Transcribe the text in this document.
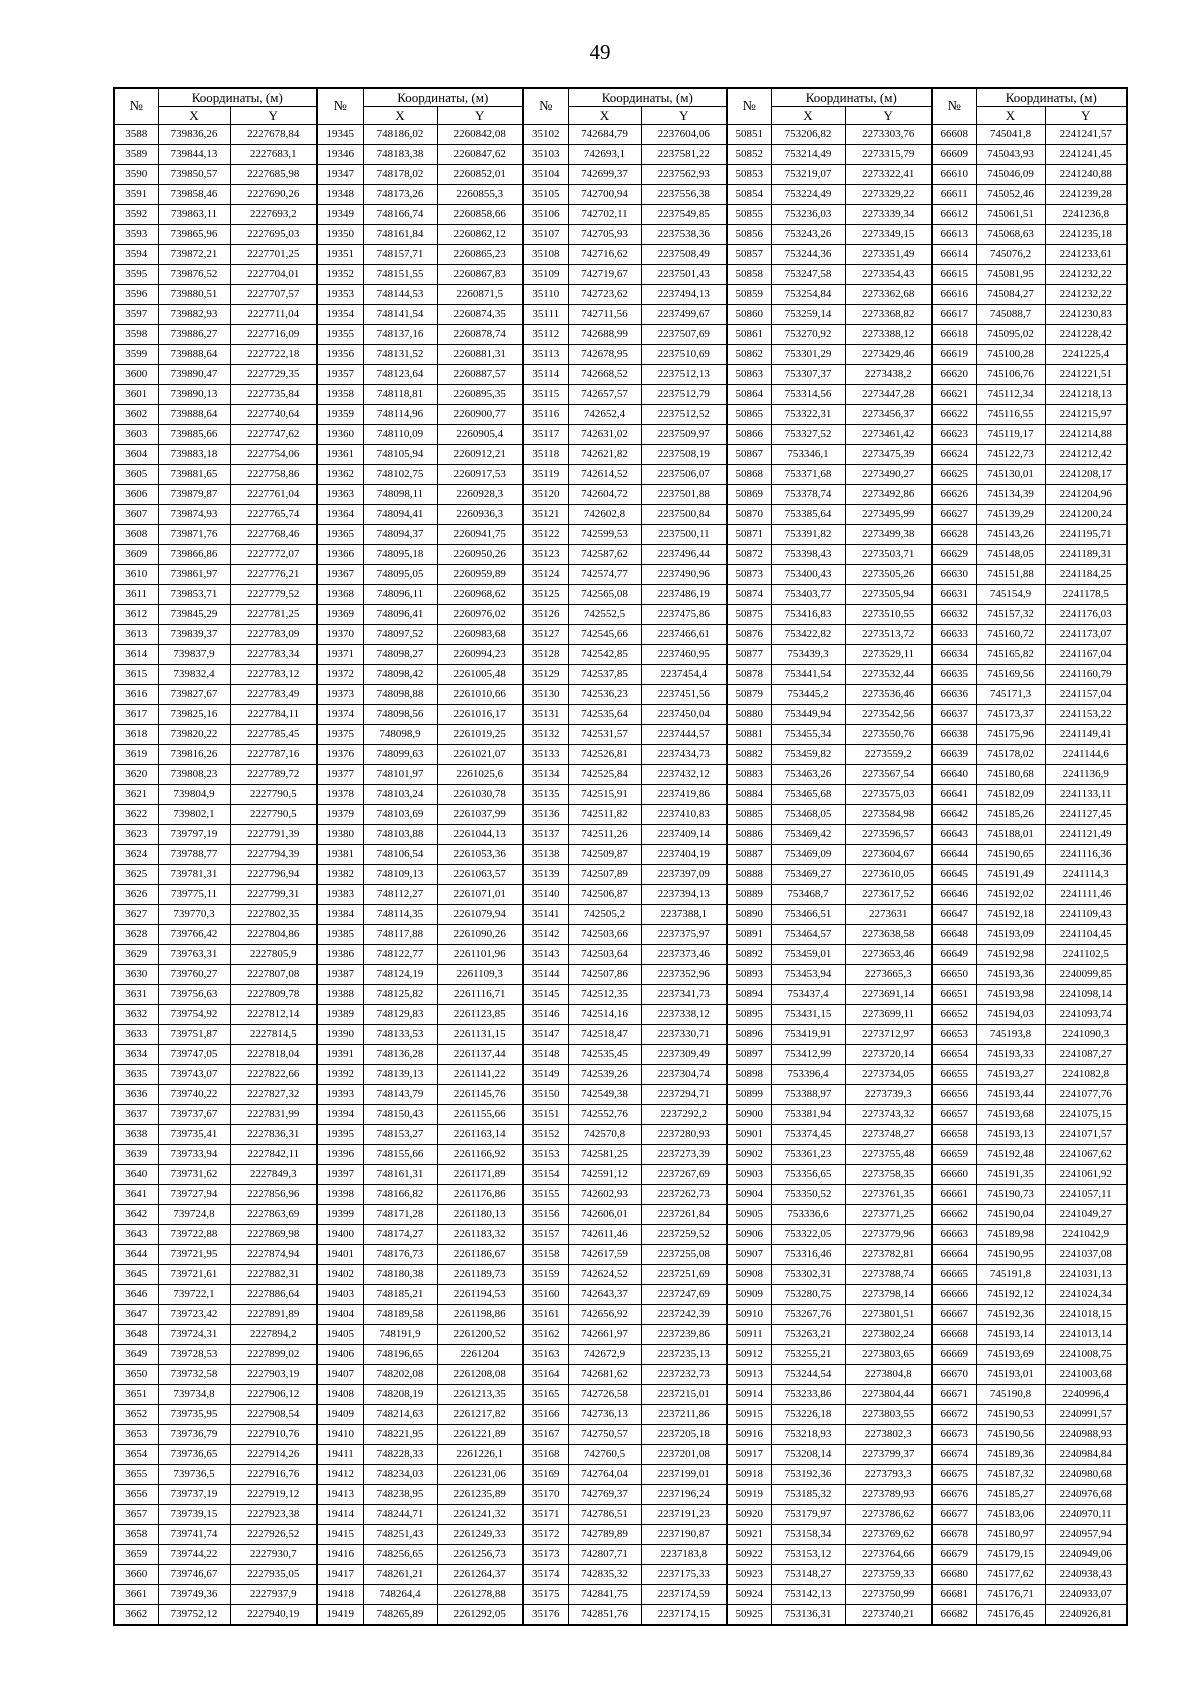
49
№	Координаты, (м)		№	Координаты, (м)		№	Координаты, (м)		№	Координаты, (м)		№	Координаты, (м)	
	X	Y		X	Y		X	Y		X	Y		X	Y
3588	739836,26	2227678,84	19345	748186,02	2260842,08	35102	742684,79	2237604,06	50851	753206,82	2273303,76	66608	745041,8	2241241,57
3589	739844,13	2227683,1	19346	748183,38	2260847,62	35103	742693,1	2237581,22	50852	753214,49	2273315,79	66609	745043,93	2241241,45
3590	739850,57	2227685,98	19347	748178,02	2260852,01	35104	742699,37	2237562,93	50853	753219,07	2273322,41	66610	745046,09	2241240,88
3591	739858,46	2227690,26	19348	748173,26	2260855,3	35105	742700,94	2237556,38	50854	753224,49	2273329,22	66611	745052,46	2241239,28
3592	739863,11	2227693,2	19349	748166,74	2260858,66	35106	742702,11	2237549,85	50855	753236,03	2273339,34	66612	745061,51	2241236,8
3593	739865,96	2227695,03	19350	748161,84	2260862,12	35107	742705,93	2237538,36	50856	753243,26	2273349,15	66613	745068,63	2241235,18
3594	739872,21	2227701,25	19351	748157,71	2260865,23	35108	742716,62	2237508,49	50857	753244,36	2273351,49	66614	745076,2	2241233,61
3595	739876,52	2227704,01	19352	748151,55	2260867,83	35109	742719,67	2237501,43	50858	753247,58	2273354,43	66615	745081,95	2241232,22
3596	739880,51	2227707,57	19353	748144,53	2260871,5	35110	742723,62	2237494,13	50859	753254,84	2273362,68	66616	745084,27	2241232,22
3597	739882,93	2227711,04	19354	748141,54	2260874,35	35111	742711,56	2237499,67	50860	753259,14	2273368,82	66617	745088,7	2241230,83
3598	739886,27	2227716,09	19355	748137,16	2260878,74	35112	742688,99	2237507,69	50861	753270,92	2273388,12	66618	745095,02	2241228,42
3599	739888,64	2227722,18	19356	748131,52	2260881,31	35113	742678,95	2237510,69	50862	753301,29	2273429,46	66619	745100,28	2241225,4
3600	739890,47	2227729,35	19357	748123,64	2260887,57	35114	742668,52	2237512,13	50863	753307,37	2273438,2	66620	745106,76	2241221,51
3601	739890,13	2227735,84	19358	748118,81	2260895,35	35115	742657,57	2237512,79	50864	753314,56	2273447,28	66621	745112,34	2241218,13
3602	739888,64	2227740,64	19359	748114,96	2260900,77	35116	742652,4	2237512,52	50865	753322,31	2273456,37	66622	745116,55	2241215,97
3603	739885,66	2227747,62	19360	748110,09	2260905,4	35117	742631,02	2237509,97	50866	753327,52	2273461,42	66623	745119,17	2241214,88
3604	739883,18	2227754,06	19361	748105,94	2260912,21	35118	742621,82	2237508,19	50867	753346,1	2273475,39	66624	745122,73	2241212,42
3605	739881,65	2227758,86	19362	748102,75	2260917,53	35119	742614,52	2237506,07	50868	753371,68	2273490,27	66625	745130,01	2241208,17
3606	739879,87	2227761,04	19363	748098,11	2260928,3	35120	742604,72	2237501,88	50869	753378,74	2273492,86	66626	745134,39	2241204,96
3607	739874,93	2227765,74	19364	748094,41	2260936,3	35121	742602,8	2237500,84	50870	753385,64	2273495,99	66627	745139,29	2241200,24
3608	739871,76	2227768,46	19365	748094,37	2260941,75	35122	742599,53	2237500,11	50871	753391,82	2273499,38	66628	745143,26	2241195,71
3609	739866,86	2227772,07	19366	748095,18	2260950,26	35123	742587,62	2237496,44	50872	753398,43	2273503,71	66629	745148,05	2241189,31
3610	739861,97	2227776,21	19367	748095,05	2260959,89	35124	742574,77	2237490,96	50873	753400,43	2273505,26	66630	745151,88	2241184,25
3611	739853,71	2227779,52	19368	748096,11	2260968,62	35125	742565,08	2237486,19	50874	753403,77	2273505,94	66631	745154,9	2241178,5
3612	739845,29	2227781,25	19369	748096,41	2260976,02	35126	742552,5	2237475,86	50875	753416,83	2273510,55	66632	745157,32	2241176,03
3613	739839,37	2227783,09	19370	748097,52	2260983,68	35127	742545,66	2237466,61	50876	753422,82	2273513,72	66633	745160,72	2241173,07
3614	739837,9	2227783,34	19371	748098,27	2260994,23	35128	742542,85	2237460,95	50877	753439,3	2273529,11	66634	745165,82	2241167,04
3615	739832,4	2227783,12	19372	748098,42	2261005,48	35129	742537,85	2237454,4	50878	753441,54	2273532,44	66635	745169,56	2241160,79
3616	739827,67	2227783,49	19373	748098,88	2261010,66	35130	742536,23	2237451,56	50879	753445,2	2273536,46	66636	745171,3	2241157,04
3617	739825,16	2227784,11	19374	748098,56	2261016,17	35131	742535,64	2237450,04	50880	753449,94	2273542,56	66637	745173,37	2241153,22
3618	739820,22	2227785,45	19375	748098,9	2261019,25	35132	742531,57	2237444,57	50881	753455,34	2273550,76	66638	745175,96	2241149,41
3619	739816,26	2227787,16	19376	748099,63	2261021,07	35133	742526,81	2237434,73	50882	753459,82	2273559,2	66639	745178,02	2241144,6
3620	739808,23	2227789,72	19377	748101,97	2261025,6	35134	742525,84	2237432,12	50883	753463,26	2273567,54	66640	745180,68	2241136,9
3621	739804,9	2227790,5	19378	748103,24	2261030,78	35135	742515,91	2237419,86	50884	753465,68	2273575,03	66641	745182,09	2241133,11
3622	739802,1	2227790,5	19379	748103,69	2261037,99	35136	742511,82	2237410,83	50885	753468,05	2273584,98	66642	745185,26	2241127,45
3623	739797,19	2227791,39	19380	748103,88	2261044,13	35137	742511,26	2237409,14	50886	753469,42	2273596,57	66643	745188,01	2241121,49
3624	739788,77	2227794,39	19381	748106,54	2261053,36	35138	742509,87	2237404,19	50887	753469,09	2273604,67	66644	745190,65	2241116,36
3625	739781,31	2227796,94	19382	748109,13	2261063,57	35139	742507,89	2237397,09	50888	753469,27	2273610,05	66645	745191,49	2241114,3
3626	739775,11	2227799,31	19383	748112,27	2261071,01	35140	742506,87	2237394,13	50889	753468,7	2273617,52	66646	745192,02	2241111,46
3627	739770,3	2227802,35	19384	748114,35	2261079,94	35141	742505,2	2237388,1	50890	753466,51	2273631	66647	745192,18	2241109,43
3628	739766,42	2227804,86	19385	748117,88	2261090,26	35142	742503,66	2237375,97	50891	753464,57	2273638,58	66648	745193,09	2241104,45
3629	739763,31	2227805,9	19386	748122,77	2261101,96	35143	742503,64	2237373,46	50892	753459,01	2273653,46	66649	745192,98	2241102,5
3630	739760,27	2227807,08	19387	748124,19	2261109,3	35144	742507,86	2237352,96	50893	753453,94	2273665,3	66650	745193,36	2240099,85
3631	739756,63	2227809,78	19388	748125,82	2261116,71	35145	742512,35	2237341,73	50894	753437,4	2273691,14	66651	745193,98	2241098,14
3632	739754,92	2227812,14	19389	748129,83	2261123,85	35146	742514,16	2237338,12	50895	753431,15	2273699,11	66652	745194,03	2241093,74
3633	739751,87	2227814,5	19390	748133,53	2261131,15	35147	742518,47	2237330,71	50896	753419,91	2273712,97	66653	745193,8	2241090,3
3634	739747,05	2227818,04	19391	748136,28	2261137,44	35148	742535,45	2237309,49	50897	753412,99	2273720,14	66654	745193,33	2241087,27
3635	739743,07	2227822,66	19392	748139,13	2261141,22	35149	742539,26	2237304,74	50898	753396,4	2273734,05	66655	745193,27	2241082,8
3636	739740,22	2227827,32	19393	748143,79	2261145,76	35150	742549,38	2237294,71	50899	753388,97	2273739,3	66656	745193,44	2241077,76
3637	739737,67	2227831,99	19394	748150,43	2261155,66	35151	742552,76	2237292,2	50900	753381,94	2273743,32	66657	745193,68	2241075,15
3638	739735,41	2227836,31	19395	748153,27	2261163,14	35152	742570,8	2237280,93	50901	753374,45	2273748,27	66658	745193,13	2241071,57
3639	739733,94	2227842,11	19396	748155,66	2261166,92	35153	742581,25	2237273,39	50902	753361,23	2273755,48	66659	745192,48	2241067,62
3640	739731,62	2227849,3	19397	748161,31	2261171,89	35154	742591,12	2237267,69	50903	753356,65	2273758,35	66660	745191,35	2241061,92
3641	739727,94	2227856,96	19398	748166,82	2261176,86	35155	742602,93	2237262,73	50904	753350,52	2273761,35	66661	745190,73	2241057,11
3642	739724,8	2227863,69	19399	748171,28	2261180,13	35156	742606,01	2237261,84	50905	753336,6	2273771,25	66662	745190,04	2241049,27
3643	739722,88	2227869,98	19400	748174,27	2261183,32	35157	742611,46	2237259,52	50906	753322,05	2273779,96	66663	745189,98	2241042,9
3644	739721,95	2227874,94	19401	748176,73	2261186,67	35158	742617,59	2237255,08	50907	753316,46	2273782,81	66664	745190,95	2241037,08
3645	739721,61	2227882,31	19402	748180,38	2261189,73	35159	742624,52	2237251,69	50908	753302,31	2273788,74	66665	745191,8	2241031,13
3646	739722,1	2227886,64	19403	748185,21	2261194,53	35160	742643,37	2237247,69	50909	753280,75	2273798,14	66666	745192,12	2241024,34
3647	739723,42	2227891,89	19404	748189,58	2261198,86	35161	742656,92	2237242,39	50910	753267,76	2273801,51	66667	745192,36	2241018,15
3648	739724,31	2227894,2	19405	748191,9	2261200,52	35162	742661,97	2237239,86	50911	753263,21	2273802,24	66668	745193,14	2241013,14
3649	739728,53	2227899,02	19406	748196,65	2261204	35163	742672,9	2237235,13	50912	753255,21	2273803,65	66669	745193,69	2241008,75
3650	739732,58	2227903,19	19407	748202,08	2261208,08	35164	742681,62	2237232,73	50913	753244,54	2273804,8	66670	745193,01	2241003,68
3651	739734,8	2227906,12	19408	748208,19	2261213,35	35165	742726,58	2237215,01	50914	753233,86	2273804,44	66671	745190,8	2240996,4
3652	739735,95	2227908,54	19409	748214,63	2261217,82	35166	742736,13	2237211,86	50915	753226,18	2273803,55	66672	745190,53	2240991,57
3653	739736,79	2227910,76	19410	748221,95	2261221,89	35167	742750,57	2237205,18	50916	753218,93	2273802,3	66673	745190,56	2240988,93
3654	739736,65	2227914,26	19411	748228,33	2261226,1	35168	742760,5	2237201,08	50917	753208,14	2273799,37	66674	745189,36	2240984,84
3655	739736,5	2227916,76	19412	748234,03	2261231,06	35169	742764,04	2237199,01	50918	753192,36	2273793,3	66675	745187,32	2240980,68
3656	739737,19	2227919,12	19413	748238,95	2261235,89	35170	742769,37	2237196,24	50919	753185,32	2273789,93	66676	745185,27	2240976,68
3657	739739,15	2227923,38	19414	748244,71	2261241,32	35171	742786,51	2237191,23	50920	753179,97	2273786,62	66677	745183,06	2240970,11
3658	739741,74	2227926,52	19415	748251,43	2261249,33	35172	742789,89	2237190,87	50921	753158,34	2273769,62	66678	745180,97	2240957,94
3659	739744,22	2227930,7	19416	748256,65	2261256,73	35173	742807,71	2237183,8	50922	753153,12	2273764,66	66679	745179,15	2240949,06
3660	739746,67	2227935,05	19417	748261,21	2261264,37	35174	742835,32	2237175,33	50923	753148,27	2273759,33	66680	745177,62	2240938,43
3661	739749,36	2227937,9	19418	748264,4	2261278,88	35175	742841,75	2237174,59	50924	753142,13	2273750,99	66681	745176,71	2240933,07
3662	739752,12	2227940,19	19419	748265,89	2261292,05	35176	742851,76	2237174,15	50925	753136,31	2273740,21	66682	745176,45	2240926,81
